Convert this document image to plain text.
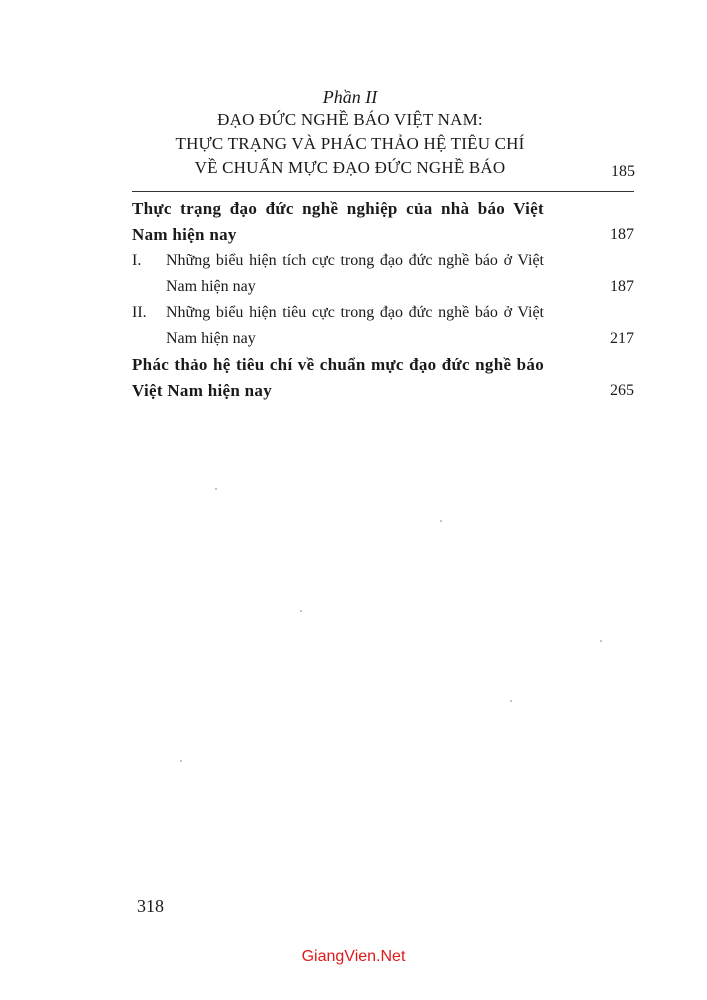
Phần II
ĐẠO ĐỨC NGHỀ BÁO VIỆT NAM:
THỰC TRẠNG VÀ PHÁC THẢO HỆ TIÊU CHÍ
VỀ CHUẨN MỰC ĐẠO ĐỨC NGHỀ BÁO	185
Thực trạng đạo đức nghề nghiệp của nhà báo Việt Nam hiện nay	187
I.	Những biểu hiện tích cực trong đạo đức nghề báo ở Việt Nam hiện nay	187
II.	Những biểu hiện tiêu cực trong đạo đức nghề báo ở Việt Nam hiện nay	217
Phác thảo hệ tiêu chí về chuẩn mực đạo đức nghề báo Việt Nam hiện nay	265
318
GiangVien.Net
